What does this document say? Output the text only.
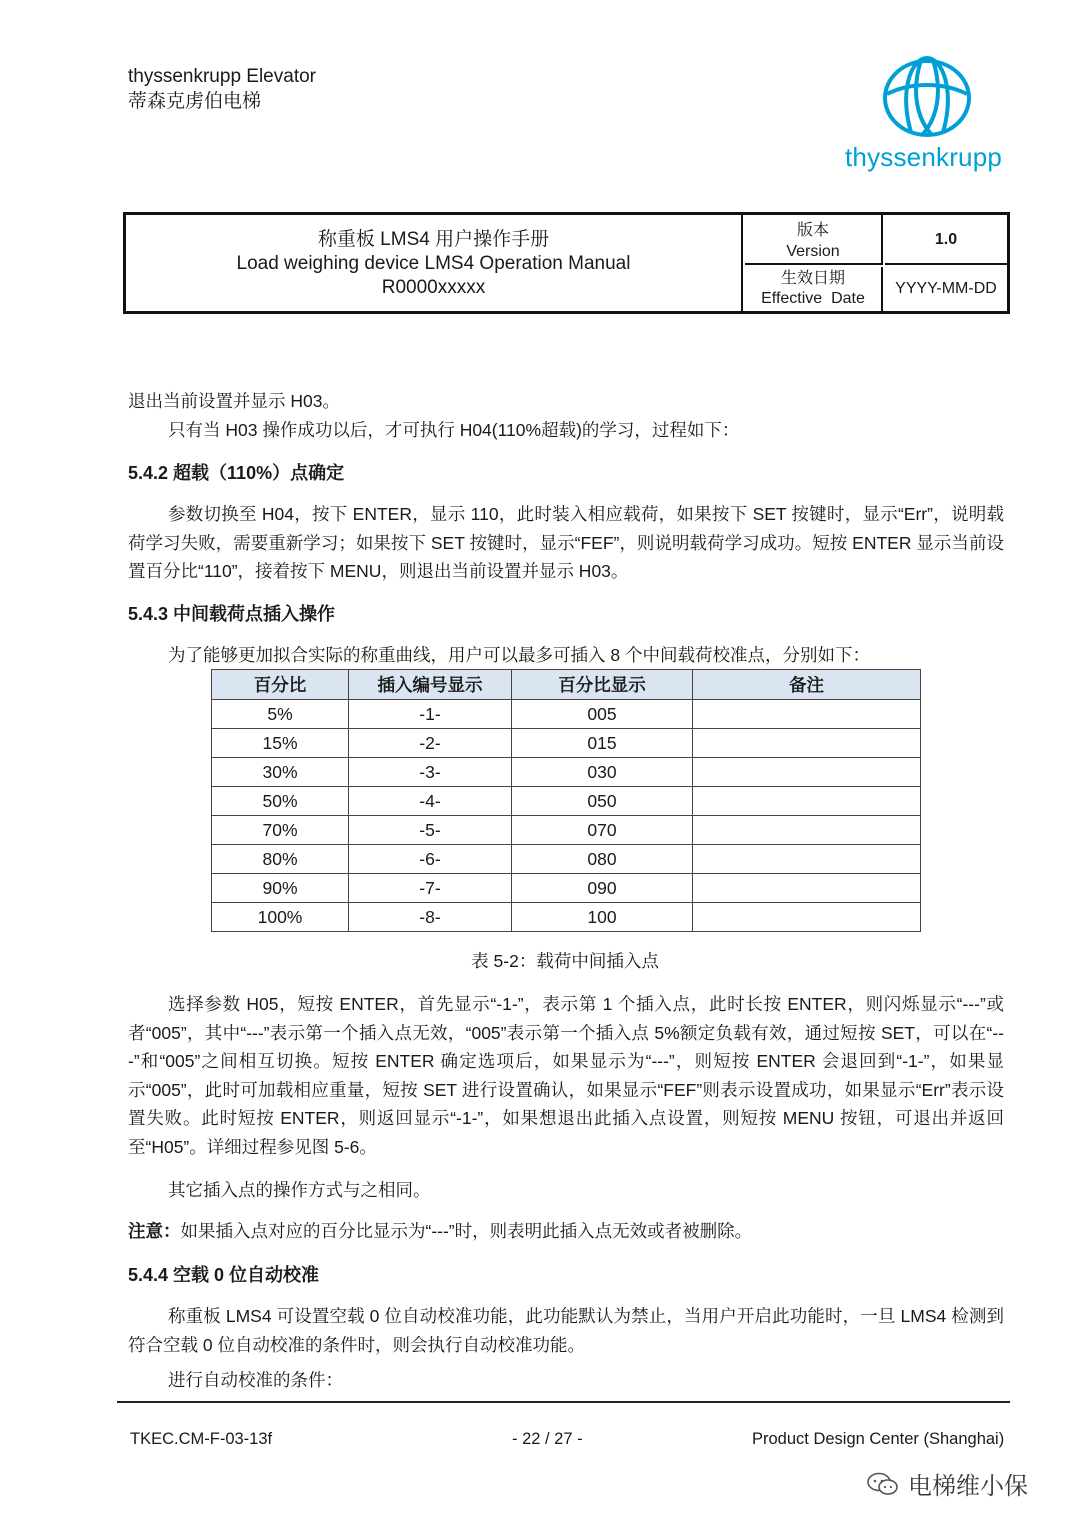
thyssenkrupp Elevator
蒂森克虏伯电梯
thyssenkrupp
称重板 LMS4 用户操作手册
Load weighing device LMS4 Operation Manual
R0000xxxxx
版本
Version
1.0
生效日期
Effective  Date
YYYY-MM-DD
退出当前设置并显示 H03。
只有当 H03 操作成功以后，才可执行 H04(110%超载)的学习，过程如下：
5.4.2 超载（110%）点确定
参数切换至 H04，按下 ENTER，显示 110，此时装入相应载荷，如果按下 SET 按键时，显示“Err”，说明载荷学习失败，需要重新学习；如果按下 SET 按键时，显示“FEF”，则说明载荷学习成功。短按 ENTER 显示当前设置百分比“110”，接着按下 MENU，则退出当前设置并显示 H03。
5.4.3 中间载荷点插入操作
为了能够更加拟合实际的称重曲线，用户可以最多可插入 8 个中间载荷校准点，分别如下：
百分比	插入编号显示	百分比显示	备注
5%	-1-	005	
15%	-2-	015	
30%	-3-	030	
50%	-4-	050	
70%	-5-	070	
80%	-6-	080	
90%	-7-	090	
100%	-8-	100	
表 5-2：载荷中间插入点
选择参数 H05，短按 ENTER，首先显示“-1-”，表示第 1 个插入点，此时长按 ENTER，则闪烁显示“---”或者“005”，其中“---”表示第一个插入点无效，“005”表示第一个插入点 5%额定负载有效，通过短按 SET，可以在“---”和“005”之间相互切换。短按 ENTER 确定选项后，如果显示为“---”，则短按 ENTER 会退回到“-1-”，如果显示“005”，此时可加载相应重量，短按 SET 进行设置确认，如果显示“FEF”则表示设置成功，如果显示“Err”表示设置失败。此时短按 ENTER，则返回显示“-1-”，如果想退出此插入点设置，则短按 MENU 按钮，可退出并返回至“H05”。详细过程参见图 5-6。
其它插入点的操作方式与之相同。
注意：如果插入点对应的百分比显示为“---”时，则表明此插入点无效或者被删除。
5.4.4 空载 0 位自动校准
称重板 LMS4 可设置空载 0 位自动校准功能，此功能默认为禁止，当用户开启此功能时，一旦 LMS4 检测到符合空载 0 位自动校准的条件时，则会执行自动校准功能。
进行自动校准的条件：
TKEC.CM-F-03-13f	- 22 / 27 -	Product Design Center (Shanghai)
电梯维小保
